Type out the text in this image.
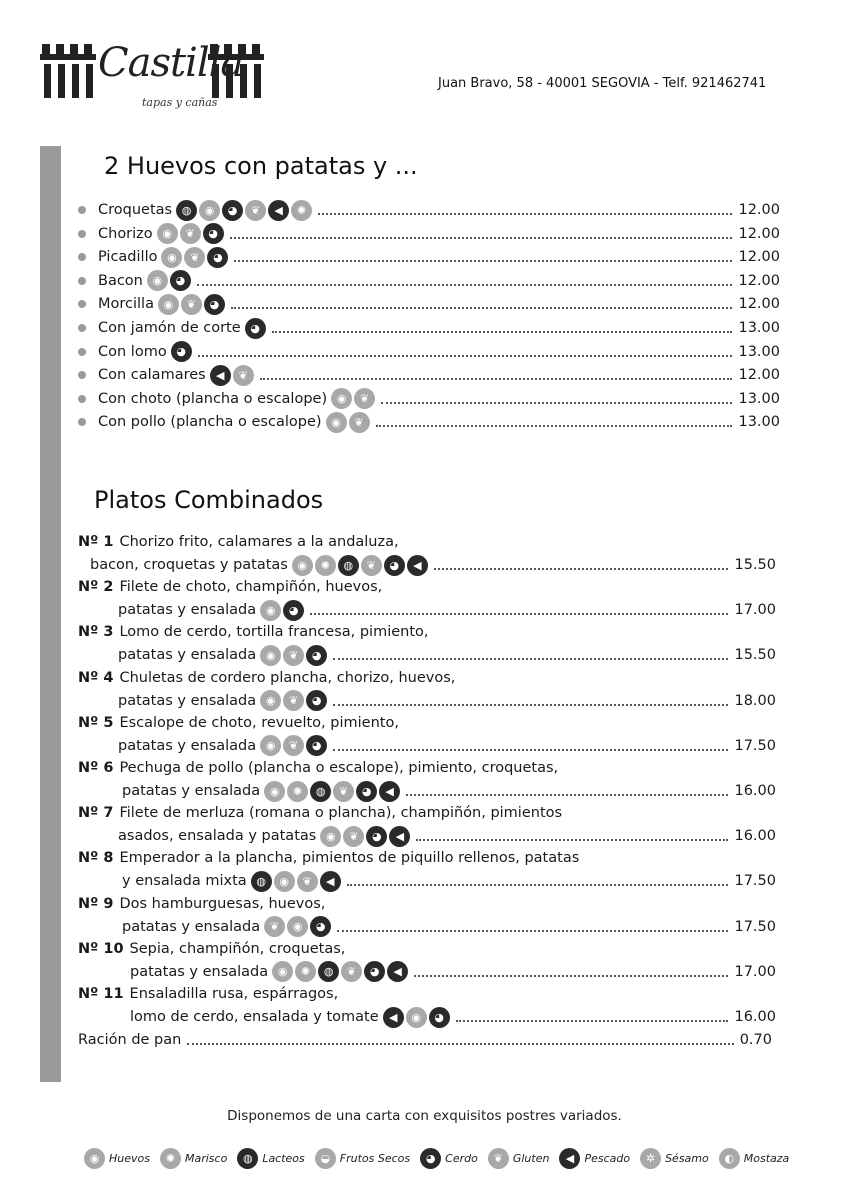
Castilla
tapas y cañas
Juan Bravo, 58 - 40001 SEGOVIA - Telf. 921462741
2 Huevos con patatas y ...
Croquetas ◍	◉	◕	❦	◀	✺	12.00
Chorizo ◉	❦	◕	12.00
Picadillo ◉	❦	◕	12.00
Bacon ◉	◕	12.00
Morcilla ◉	❦	◕	12.00
Con jamón de corte ◕	13.00
Con lomo ◕	13.00
Con calamares ◀	❦	12.00
Con choto (plancha o escalope) ◉	❦	13.00
Con pollo (plancha o escalope) ◉	❦	13.00
Platos Combinados
Nº 1 Chorizo frito, calamares a la andaluza,
bacon, croquetas y patatas ◉	✺	◍	❦	◕	◀	15.50
Nº 2 Filete de choto, champiñón, huevos,
patatas y ensalada ◉	◕	17.00
Nº 3 Lomo de cerdo, tortilla francesa, pimiento,
patatas y ensalada ◉	❦	◕	15.50
Nº 4 Chuletas de cordero plancha, chorizo, huevos,
patatas y ensalada ◉	❦	◕	18.00
Nº 5 Escalope de choto, revuelto, pimiento,
patatas y ensalada ◉	❦	◕	17.50
Nº 6 Pechuga de pollo (plancha o escalope), pimiento, croquetas,
patatas y ensalada ◉	✺	◍	❦	◕	◀	16.00
Nº 7 Filete de merluza (romana o plancha), champiñón, pimientos
asados, ensalada y patatas ◉	❦	◕	◀	16.00
Nº 8 Emperador a la plancha, pimientos de piquillo rellenos, patatas
y ensalada mixta ◍	◉	❦	◀	17.50
Nº 9 Dos hamburguesas, huevos,
patatas y ensalada ❦	◉	◕	17.50
Nº 10 Sepia, champiñón, croquetas,
patatas y ensalada ◉	✺	◍	❦	◕	◀	17.00
Nº 11 Ensaladilla rusa, espárragos,
lomo de cerdo, ensalada y tomate ◀	◉	◕	16.00
Ración de pan	0.70
Disponemos de una carta con exquisitos postres variados.
◉ Huevos	✺ Marisco	◍ Lacteos	◒ Frutos Secos	◕ Cerdo	❦ Gluten	◀ Pescado	✲ Sésamo	◐ Mostaza
